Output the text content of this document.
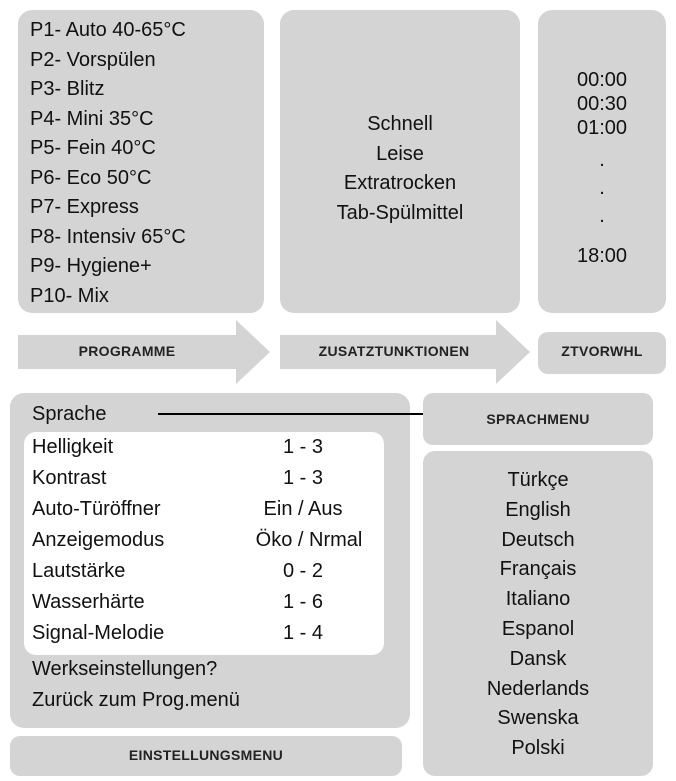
P1- Auto 40-65°C
P2- Vorspülen
P3- Blitz
P4- Mini 35°C
P5- Fein 40°C
P6- Eco 50°C
P7- Express
P8- Intensiv 65°C
P9- Hygiene+
P10- Mix
Schnell
Leise
Extratrocken
Tab-Spülmittel
00:00
00:30
01:00
.
.
.
18:00
PROGRAMME	ZUSATZTUNKTIONEN	ZTVORWHL
Sprache
Helligkeit	1 - 3
Kontrast	1 - 3
Auto-Türöffner	Ein / Aus
Anzeigemodus	Öko / Nrmal
Lautstärke	0 - 2
Wasserhärte	1 - 6
Signal-Melodie	1 - 4
Werkseinstellungen?
Zurück zum Prog.menü
EINSTELLUNGSMENU
SPRACHMENU
Türkçe
English
Deutsch
Français
Italiano
Espanol
Dansk
Nederlands
Swenska
Polski
